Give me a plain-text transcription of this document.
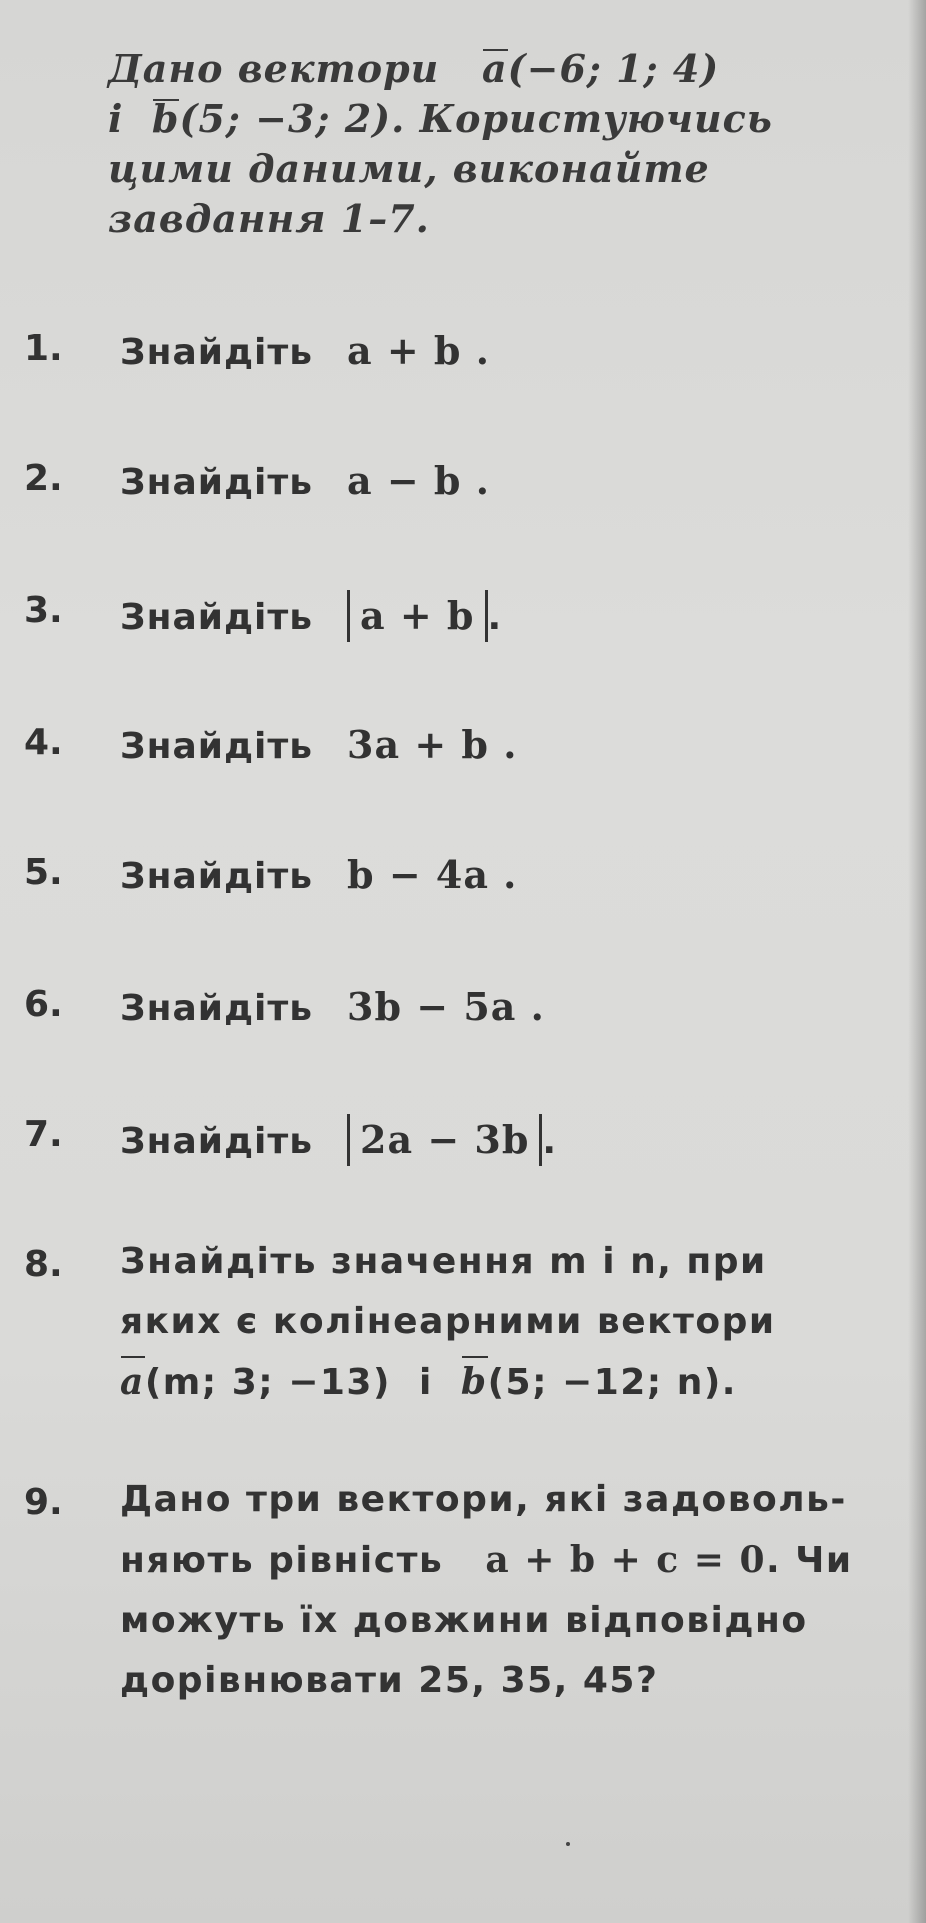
Дано вектори a(−6; 1; 4)
і b(5; −3; 2). Користуючись
цими даними, виконайте
завдання 1–7.
1.	Знайдіть a + b .
2.	Знайдіть a − b .
3.	Знайдіть a + b .
4.	Знайдіть 3a + b .
5.	Знайдіть b − 4a .
6.	Знайдіть 3b − 5a .
7.	Знайдіть 2a − 3b .
8.	Знайдіть значення m і n, при
яких є колінеарними вектори
a(m; 3; −13) і b(5; −12; n).
9.	Дано три вектори, які задоволь-
няють рівність a + b + c = 0. Чи
можуть їх довжини відповідно
дорівнювати 25, 35, 45?
